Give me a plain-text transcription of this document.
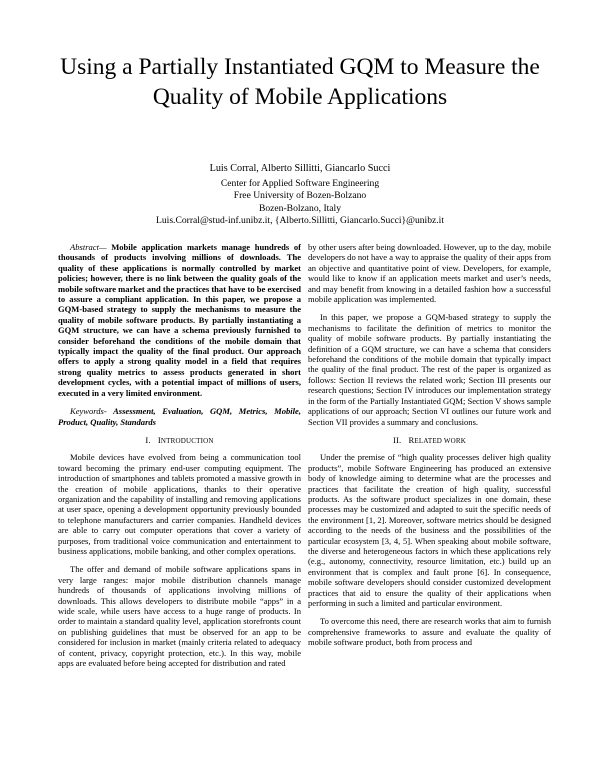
Using a Partially Instantiated GQM to Measure the Quality of Mobile Applications
Luis Corral, Alberto Sillitti, Giancarlo Succi
Center for Applied Software Engineering
Free University of Bozen-Bolzano
Bozen-Bolzano, Italy
Luis.Corral@stud-inf.unibz.it, {Alberto.Sillitti, Giancarlo.Succi}@unibz.it

Abstract— Mobile application markets manage hundreds of thousands of products involving millions of downloads. The quality of these applications is normally controlled by market policies; however, there is no link between the quality goals of the mobile software market and the practices that have to be exercised to assure a compliant application. In this paper, we propose a GQM-based strategy to supply the mechanisms to measure the quality of mobile software products. By partially instantiating a GQM structure, we can have a schema previously furnished to consider beforehand the conditions of the mobile domain that typically impact the quality of the final product. Our approach offers to apply a strong quality model in a field that requires strong quality metrics to assess products generated in short development cycles, with a potential impact of millions of users, executed in a very limited environment.

Keywords- Assessment, Evaluation, GQM, Metrics, Mobile, Product, Quality, Standards

I. INTRODUCTION

Mobile devices have evolved from being a communication tool toward becoming the primary end-user computing equipment. The introduction of smartphones and tablets promoted a massive growth in the creation of mobile applications, thanks to their operative organization and the capability of installing and removing applications at user space, opening a development opportunity previously bounded to telephone manufacturers and carrier companies. Handheld devices are able to carry out computer operations that cover a variety of purposes, from traditional voice communication and entertainment to business applications, mobile banking, and other complex operations.

The offer and demand of mobile software applications spans in very large ranges: major mobile distribution channels manage hundreds of thousands of applications involving millions of downloads. This allows developers to distribute mobile “apps” in a wide scale, while users have access to a huge range of products. In order to maintain a standard quality level, application storefronts count on publishing guidelines that must be observed for an app to be considered for inclusion in market (mainly criteria related to adequacy of content, privacy, copyright protection, etc.). In this way, mobile apps are evaluated before being accepted for distribution and rated

by other users after being downloaded. However, up to the day, mobile developers do not have a way to appraise the quality of their apps from an objective and quantitative point of view. Developers, for example, would like to know if an application meets market and user’s needs, and may benefit from knowing in a detailed fashion how a successful mobile application was implemented.

In this paper, we propose a GQM-based strategy to supply the mechanisms to facilitate the definition of metrics to monitor the quality of mobile software products. By partially instantiating the definition of a GQM structure, we can have a schema that considers beforehand the conditions of the mobile domain that typically impact the quality of the final product. The rest of the paper is organized as follows: Section II reviews the related work; Section III presents our research questions; Section IV introduces our implementation strategy in the form of the Partially Instantiated GQM; Section V shows sample applications of our approach; Section VI outlines our future work and Section VII provides a summary and conclusions.

II. RELATED WORK

Under the premise of “high quality processes deliver high quality products”, mobile Software Engineering has produced an extensive body of knowledge aiming to determine what are the processes and practices that facilitate the creation of high quality, successful products. As the software product specializes in one domain, these processes may be customized and adapted to suit the specific needs of the environment [1, 2]. Moreover, software metrics should be designed according to the needs of the business and the possibilities of the particular ecosystem [3, 4, 5]. When speaking about mobile software, the diverse and heterogeneous factors in which these applications rely (e.g., autonomy, connectivity, resource limitation, etc.) build up an environment that is complex and fault prone [6]. In consequence, mobile software developers should consider customized development practices that aid to ensure the quality of their applications when performing in such a limited and particular environment.

To overcome this need, there are research works that aim to furnish comprehensive frameworks to assure and evaluate the quality of mobile software product, both from process and
